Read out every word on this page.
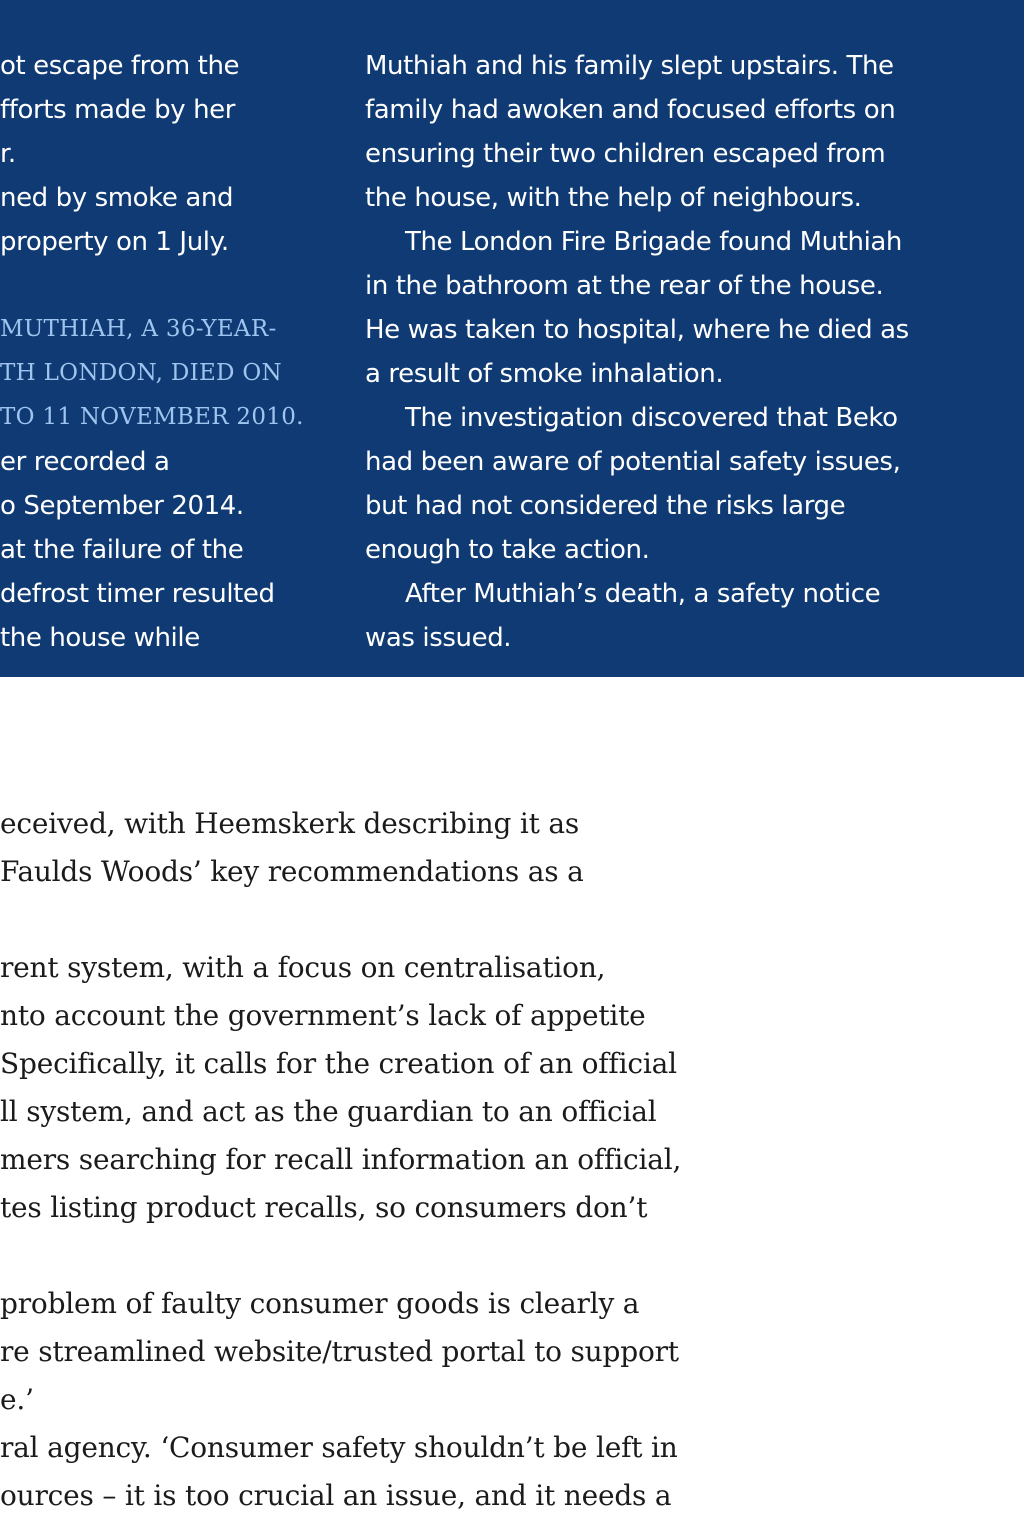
ot escape from the
fforts made by her
r.
ned by smoke and
property on 1 July.
MUTHIAH, A 36-YEAR-
TH LONDON, DIED ON
TO 11 NOVEMBER 2010.
er recorded a
o September 2014.
at the failure of the
defrost timer resulted
the house while
Muthiah and his family slept upstairs. The
family had awoken and focused efforts on
ensuring their two children escaped from
the house, with the help of neighbours.
The London Fire Brigade found Muthiah
in the bathroom at the rear of the house.
He was taken to hospital, where he died as
a result of smoke inhalation.
The investigation discovered that Beko
had been aware of potential safety issues,
but had not considered the risks large
enough to take action.
After Muthiah’s death, a safety notice
was issued.
eceived, with Heemskerk describing it as
Faulds Woods’ key recommendations as a
rent system, with a focus on centralisation,
nto account the government’s lack of appetite
Specifically, it calls for the creation of an official
ll system, and act as the guardian to an official
mers searching for recall information an official,
tes listing product recalls, so consumers don’t
problem of faulty consumer goods is clearly a
re streamlined website/trusted portal to support
e.’
ral agency. ‘Consumer safety shouldn’t be left in
ources – it is too crucial an issue, and it needs a
